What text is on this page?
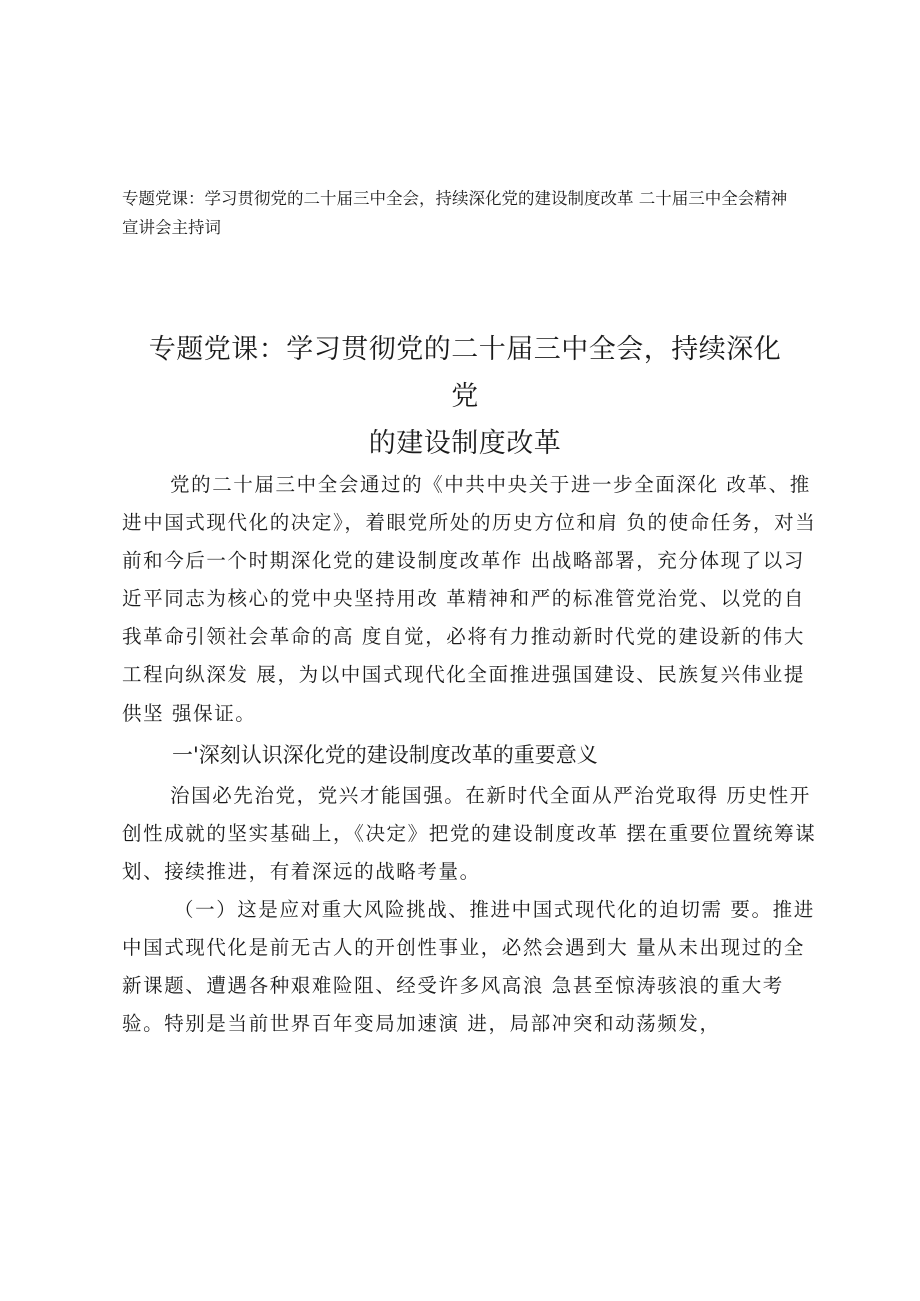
专题党课：学习贯彻党的二十届三中全会，持续深化党的建设制度改革 二十届三中全会精神
宣讲会主持词
专题党课：学习贯彻党的二十届三中全会，持续深化党
的建设制度改革

党的二十届三中全会通过的《中共中央关于进一步全面深化 改革、推进中国式现代化的决定》，着眼党所处的历史方位和肩 负的使命任务，对当前和今后一个时期深化党的建设制度改革作 出战略部署，充分体现了以习近平同志为核心的党中央坚持用改 革精神和严的标准管党治党、以党的自我革命引领社会革命的高 度自觉，必将有力推动新时代党的建设新的伟大工程向纵深发 展，为以中国式现代化全面推进强国建设、民族复兴伟业提供坚 强保证。

一'深刻认识深化党的建设制度改革的重要意义

治国必先治党，党兴才能国强。在新时代全面从严治党取得 历史性开创性成就的坚实基础上，《决定》把党的建设制度改革 摆在重要位置统筹谋划、接续推进，有着深远的战略考量。

（一）这是应对重大风险挑战、推进中国式现代化的迫切需 要。推进中国式现代化是前无古人的开创性事业，必然会遇到大 量从未出现过的全新课题、遭遇各种艰难险阻、经受许多风高浪 急甚至惊涛骇浪的重大考验。特别是当前世界百年变局加速演 进，局部冲突和动荡频发，
